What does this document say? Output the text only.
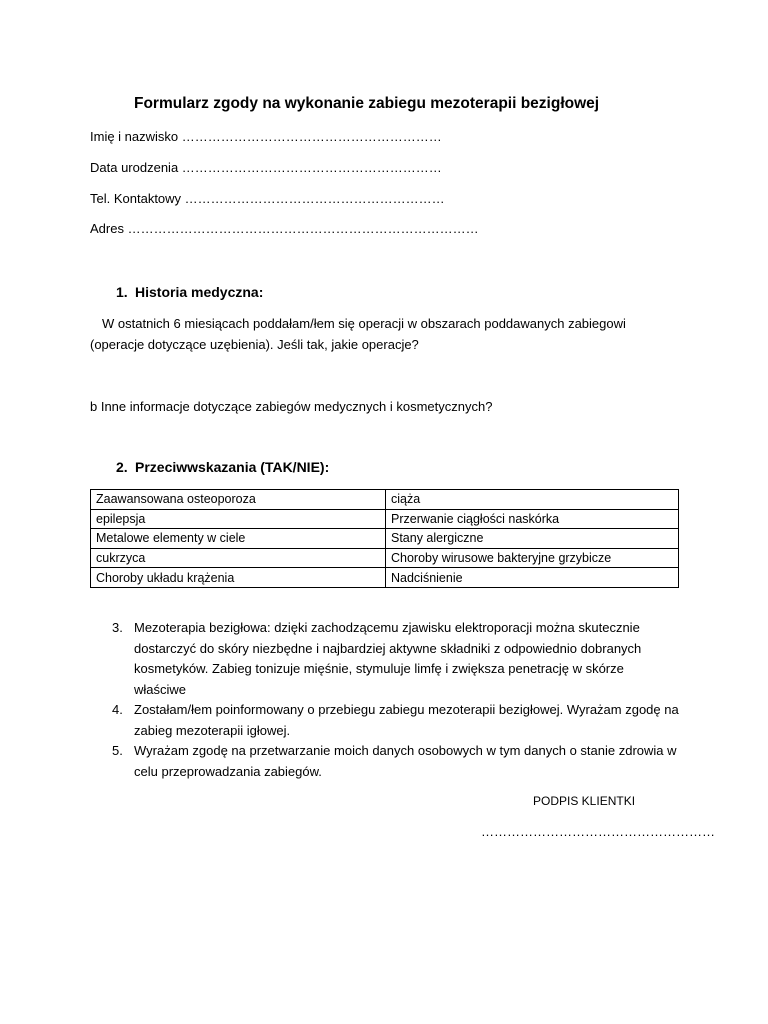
Formularz zgody na wykonanie zabiegu mezoterapii bezigłowej
Imię i nazwisko ……………………………………………………
Data urodzenia ……………………………………………………
Tel. Kontaktowy ……………………………………………………
Adres ………………………………………………………………………
1. Historia medyczna:
W ostatnich 6 miesiącach poddałam/łem się operacji w obszarach poddawanych zabiegowi (operacje dotyczące uzębienia). Jeśli tak, jakie operacje?
b Inne informacje dotyczące zabiegów medycznych i kosmetycznych?
2. Przeciwwskazania (TAK/NIE):
Zaawansowana osteoporoza	ciąża
epilepsja	Przerwanie ciągłości naskórka
Metalowe elementy w ciele	Stany alergiczne
cukrzyca	Choroby wirusowe bakteryjne grzybicze
Choroby układu krążenia	Nadciśnienie
3. Mezoterapia bezigłowa: dzięki zachodzącemu zjawisku elektroporacji można skutecznie dostarczyć do skóry niezbędne i najbardziej aktywne składniki z odpowiednio dobranych kosmetyków. Zabieg tonizuje mięśnie, stymuluje limfę i zwiększa penetrację w skórze właściwe
4. Zostałam/łem poinformowany o przebiegu zabiegu mezoterapii bezigłowej. Wyrażam zgodę na zabieg mezoterapii igłowej.
5. Wyrażam zgodę na przetwarzanie moich danych osobowych w tym danych o stanie zdrowia w celu przeprowadzania zabiegów.
PODPIS KLIENTKI
………………………………………………
